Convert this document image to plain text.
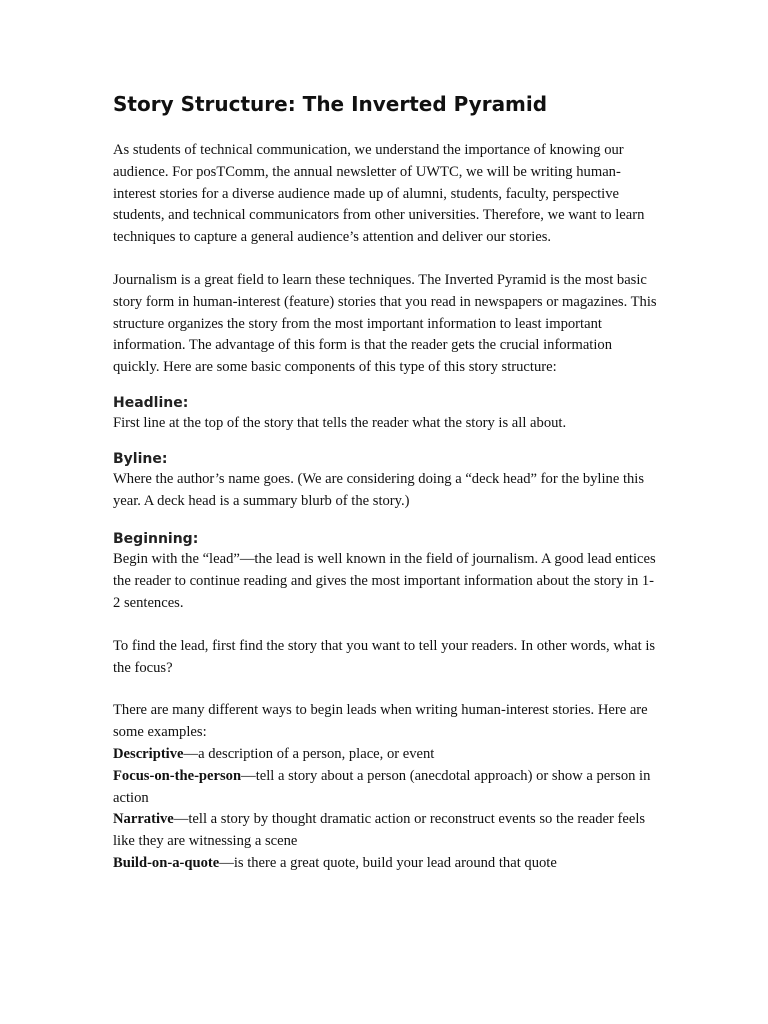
Story Structure: The Inverted Pyramid

As students of technical communication, we understand the importance of knowing our audience. For posTComm, the annual newsletter of UWTC, we will be writing human-interest stories for a diverse audience made up of alumni, students, faculty, perspective students, and technical communicators from other universities. Therefore, we want to learn techniques to capture a general audience’s attention and deliver our stories.

Journalism is a great field to learn these techniques. The Inverted Pyramid is the most basic story form in human-interest (feature) stories that you read in newspapers or magazines. This structure organizes the story from the most important information to least important information. The advantage of this form is that the reader gets the crucial information quickly. Here are some basic components of this type of this story structure:

Headline:

First line at the top of the story that tells the reader what the story is all about.

Byline:

Where the author’s name goes. (We are considering doing a “deck head” for the byline this year. A deck head is a summary blurb of the story.)

Beginning:

Begin with the “lead”—the lead is well known in the field of journalism. A good lead entices the reader to continue reading and gives the most important information about the story in 1-2 sentences.

To find the lead, first find the story that you want to tell your readers. In other words, what is the focus?

There are many different ways to begin leads when writing human-interest stories. Here are some examples:

Descriptive—a description of a person, place, or event

Focus-on-the-person—tell a story about a person (anecdotal approach) or show a person in action

Narrative—tell a story by thought dramatic action or reconstruct events so the reader feels like they are witnessing a scene

Build-on-a-quote—is there a great quote, build your lead around that quote
